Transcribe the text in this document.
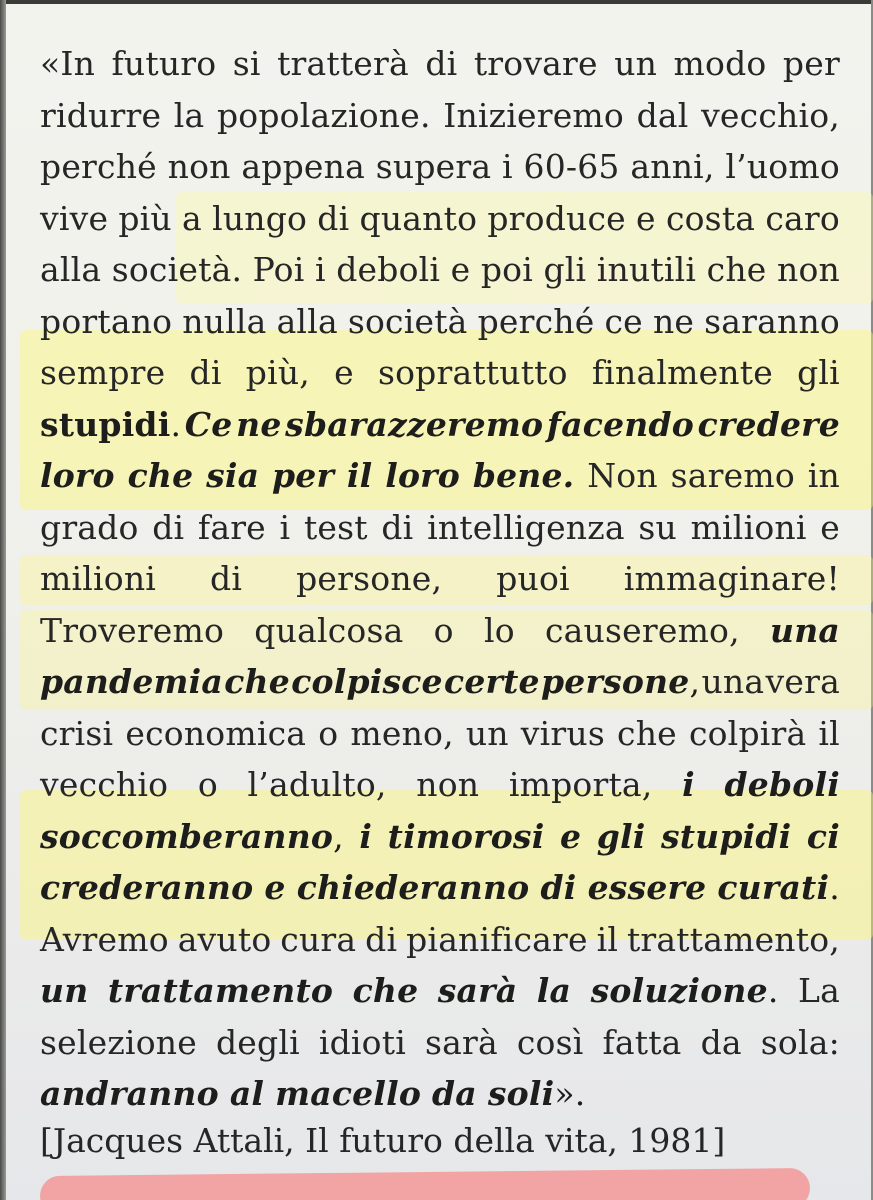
«In futuro si tratterà di trovare un modo per
ridurre la popolazione. Inizieremo dal vecchio,
perché non appena supera i 60-65 anni, l’uomo
vive più a lungo di quanto produce e costa caro
alla società. Poi i deboli e poi gli inutili che non
portano nulla alla società perché ce ne saranno
sempre di più, e soprattutto finalmente gli
stupidi. Ce ne sbarazzeremo facendo credere
loro che sia per il loro bene. Non saremo in
grado di fare i test di intelligenza su milioni e
milioni di persone, puoi immaginare!
Troveremo qualcosa o lo causeremo, una
pandemia che colpisce certe persone, una vera
crisi economica o meno, un virus che colpirà il
vecchio o l’adulto, non importa, i deboli
soccomberanno, i timorosi e gli stupidi ci
crederanno e chiederanno di essere curati.
Avremo avuto cura di pianificare il trattamento,
un trattamento che sarà la soluzione. La
selezione degli idioti sarà così fatta da sola:
andranno al macello da soli».
[Jacques Attali, Il futuro della vita, 1981]
